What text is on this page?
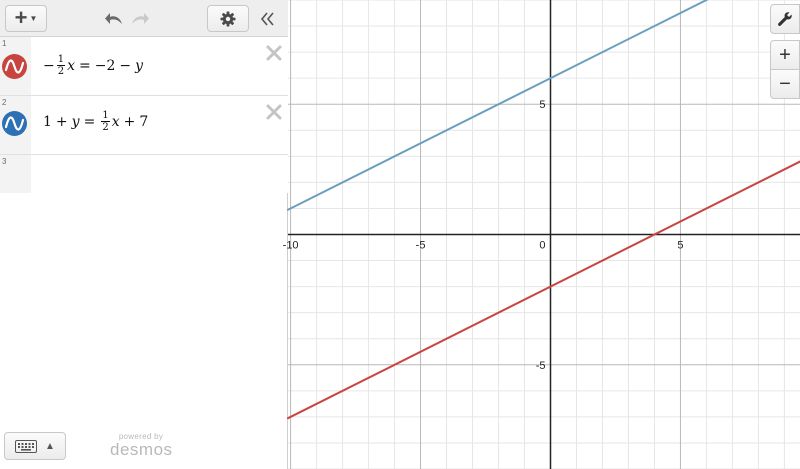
+ ▼
1
− $\frac{1}{2}$ x = −2 − y
2
$1 + y = \frac{1}{2}$ x + 7
3
▲
powered by
desmos
-10	-5	5
5
-5
0
+
−
